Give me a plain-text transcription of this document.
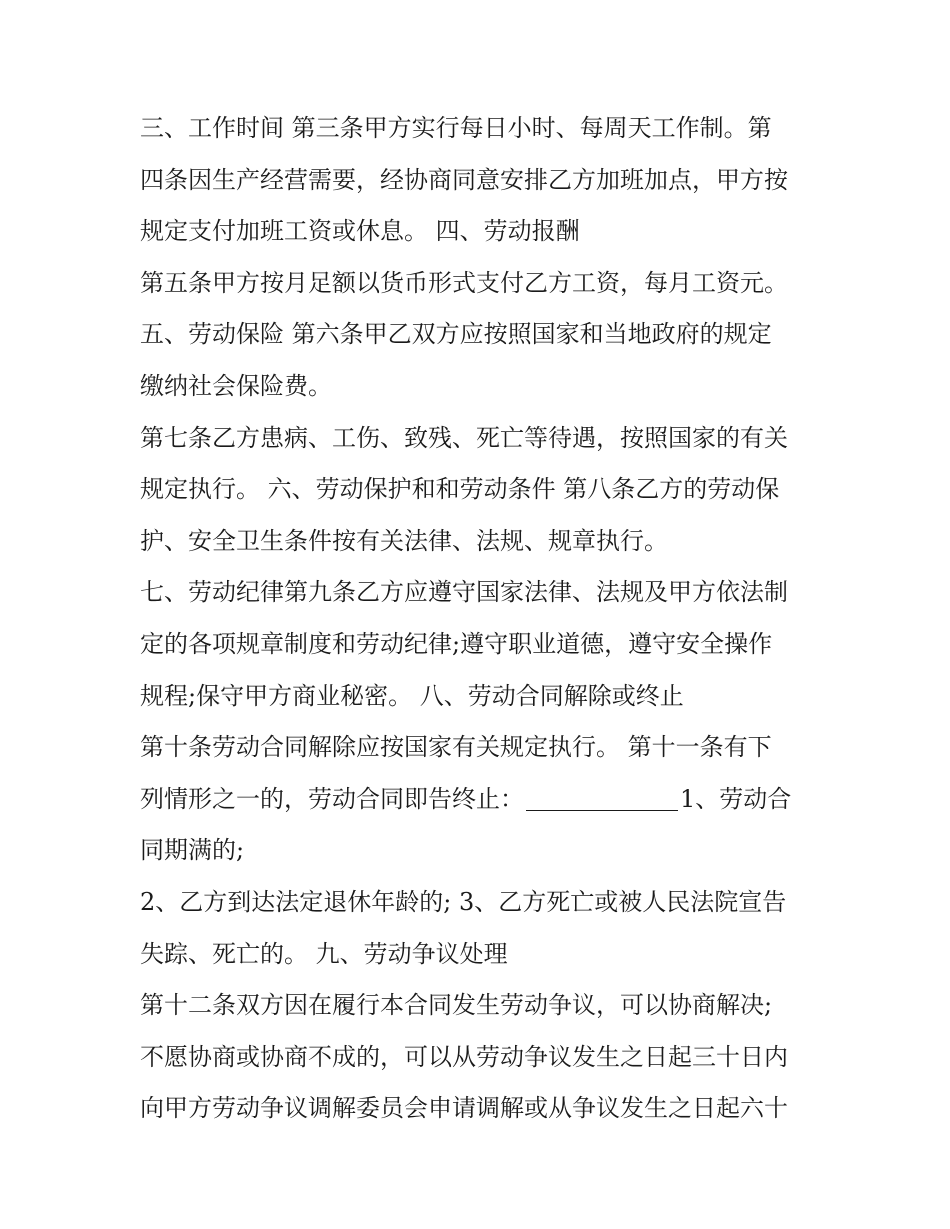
三、工作时间 第三条甲方实行每日小时、每周天工作制。第
四条因生产经营需要，经协商同意安排乙方加班加点，甲方按
规定支付加班工资或休息。 四、劳动报酬
第五条甲方按月足额以货币形式支付乙方工资，每月工资元。
五、劳动保险 第六条甲乙双方应按照国家和当地政府的规定
缴纳社会保险费。
第七条乙方患病、工伤、致残、死亡等待遇，按照国家的有关
规定执行。 六、劳动保护和和劳动条件 第八条乙方的劳动保
护、安全卫生条件按有关法律、法规、规章执行。
七、劳动纪律第九条乙方应遵守国家法律、法规及甲方依法制
定的各项规章制度和劳动纪律;遵守职业道德，遵守安全操作
规程;保守甲方商业秘密。 八、劳动合同解除或终止
第十条劳动合同解除应按国家有关规定执行。 第十一条有下
列情形之一的，劳动合同即告终止：	1、劳动合
同期满的;
2、乙方到达法定退休年龄的; 3、乙方死亡或被人民法院宣告
失踪、死亡的。 九、劳动争议处理
第十二条双方因在履行本合同发生劳动争议，可以协商解决;
不愿协商或协商不成的，可以从劳动争议发生之日起三十日内
向甲方劳动争议调解委员会申请调解或从争议发生之日起六十
